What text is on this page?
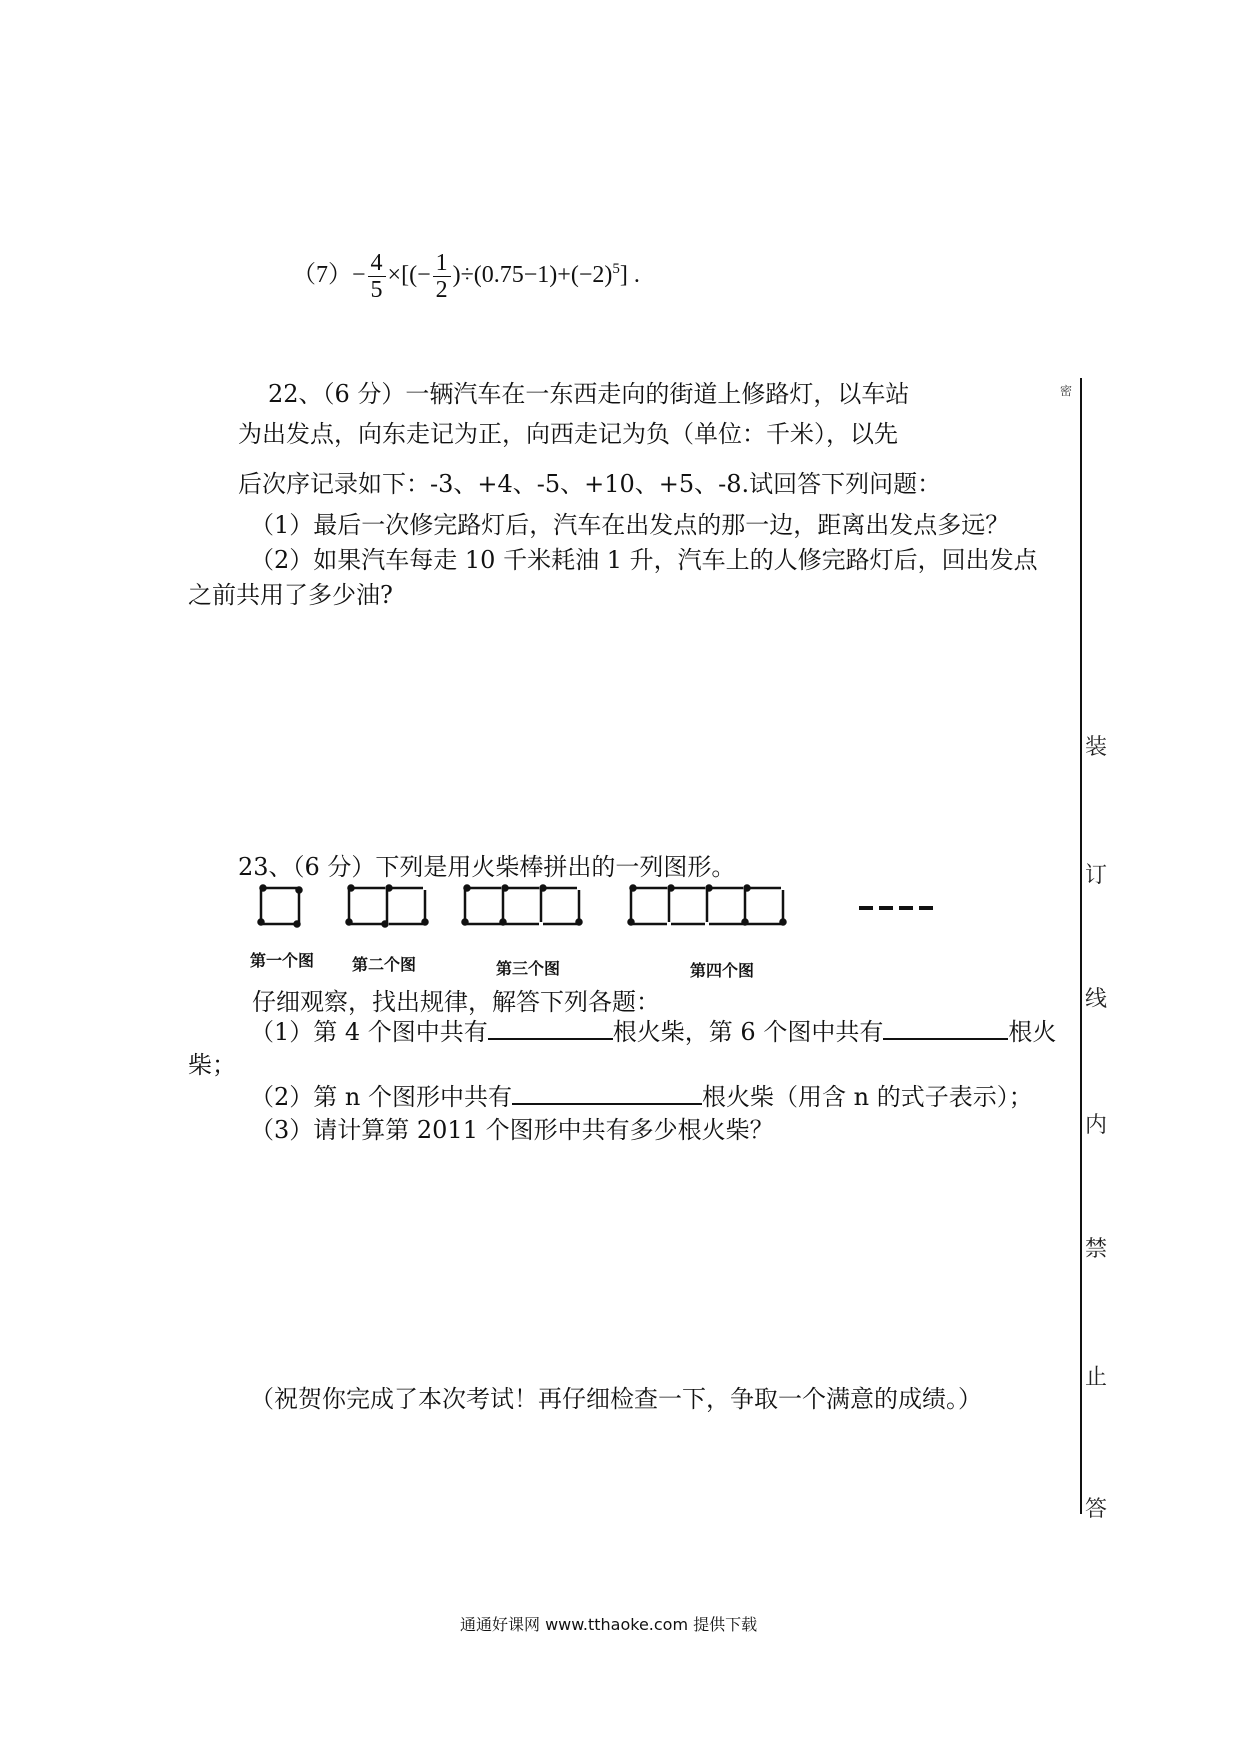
$(7)- \frac{4}{5}$ ×[(− $\frac{1}{2} )\div(0.75-1)+(-2)^5$] .
22、（6 分）一辆汽车在一东西走向的街道上修路灯，以车站
为出发点，向东走记为正，向西走记为负（单位：千米），以先
后次序记录如下：-3、+4、-5、+10、+5、-8.试回答下列问题：
（1）最后一次修完路灯后，汽车在出发点的那一边，距离出发点多远？
（2）如果汽车每走 10 千米耗油 1 升，汽车上的人修完路灯后，回出发点
之前共用了多少油?
23、（6 分）下列是用火柴棒拼出的一列图形。
第一个图 第二个图	第三个图	第四个图
仔细观察，找出规律，解答下列各题：
（1）第 4 个图中共有	根火柴，第 6 个图中共有	根火
柴；
（2）第 n 个图形中共有	根火柴（用含 n 的式子表示）；
（3）请计算第 2011 个图形中共有多少根火柴？
（祝贺你完成了本次考试！再仔细检查一下，争取一个满意的成绩。）
密
装
订
线
内
禁
止
答
通通好课网 www.tthaoke.com 提供下载
